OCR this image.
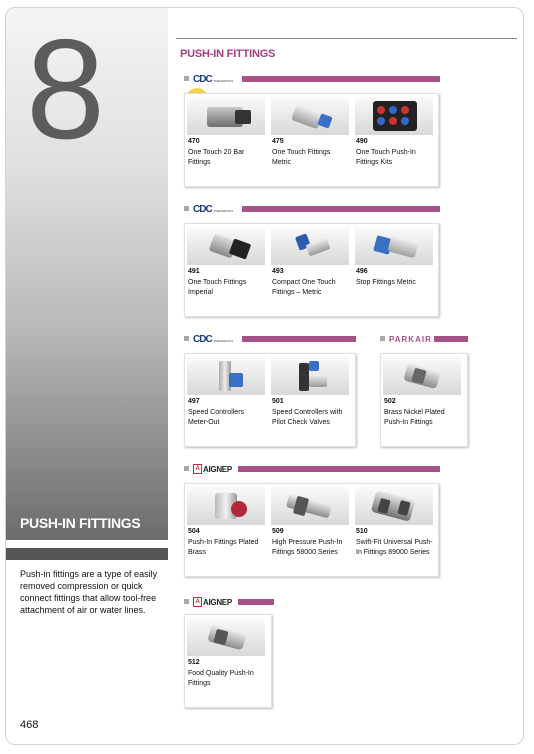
8
PUSH-IN FITTINGS
Push-in fittings are a type of easily removed compression or quick connect fittings that allow tool-free attachment of air or water lines.
468
PUSH-IN FITTINGS
CDC PNEUMATICS
470
One Touch 20 Bar Fittings
475
One Touch Fittings Metric
490
One Touch Push-In Fittings Kits
CDC PNEUMATICS
491
One Touch Fittings Imperial
493
Compact One Touch Fittings – Metric
496
Stop Fittings Metric
CDC PNEUMATICS	PARKAIR
497
Speed Controllers Meter-Out
501
Speed Controllers with Pilot Check Valves
502
Brass Nickel Plated Push-In Fittings
A AIGNEP
504
Push-In Fittings Plated Brass
509
High Pressure Push-In Fittings 58000 Series
510
Swift-Fit Universal Push-In Fittings 89000 Series
A AIGNEP
512
Food Quality Push-In Fittings
